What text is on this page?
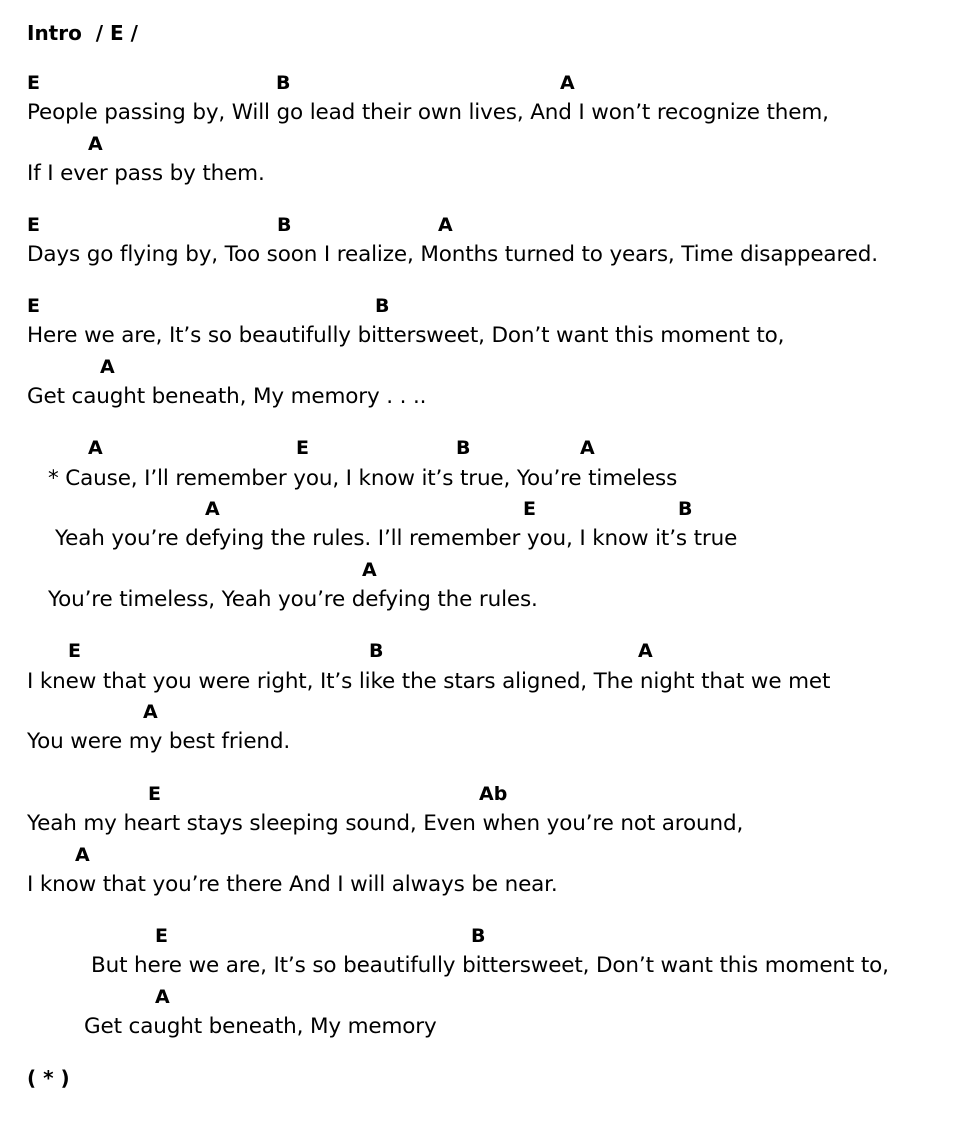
Intro  / E /
E	B	A
People passing by, Will go lead their own lives, And I won’t recognize them,
A
If I ever pass by them.
E	B	A
Days go flying by, Too soon I realize, Months turned to years, Time disappeared.
E	B
Here we are, It’s so beautifully bittersweet, Don’t want this moment to,
A
Get caught beneath, My memory . . ..
A	E	B	A
* Cause, I’ll remember you, I know it’s true, You’re timeless
A	E	B
Yeah you’re defying the rules. I’ll remember you, I know it’s true
A
You’re timeless, Yeah you’re defying the rules.
E	B	A
I knew that you were right, It’s like the stars aligned, The night that we met
A
You were my best friend.
E	Ab
Yeah my heart stays sleeping sound, Even when you’re not around,
A
I know that you’re there And I will always be near.
E	B
But here we are, It’s so beautifully bittersweet, Don’t want this moment to,
A
Get caught beneath, My memory
( * )
